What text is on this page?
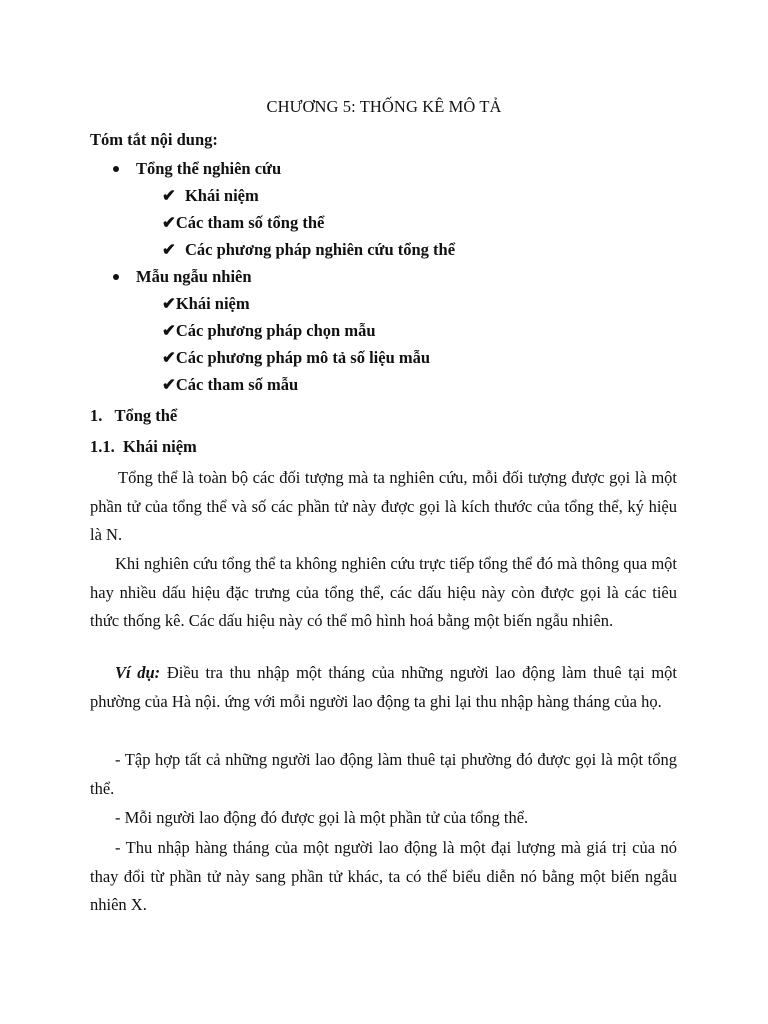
CHƯƠNG 5: THỐNG KÊ MÔ TẢ
Tóm tắt nội dung:
Tổng thể nghiên cứu
✔ Khái niệm
✔Các tham số tổng thể
✔ Các phương pháp nghiên cứu tổng thể
Mẫu ngẫu nhiên
✔Khái niệm
✔Các phương pháp chọn mẫu
✔Các phương pháp mô tả số liệu mẫu
✔Các tham số mẫu
1.   Tổng thể
1.1.  Khái niệm
Tổng thể là toàn bộ các đối tượng mà ta nghiên cứu, mỗi đối tượng được gọi là một phần tử của tổng thể và số các phần tử này được gọi là kích thước của tổng thể, ký hiệu là N.
Khi nghiên cứu tổng thể ta không nghiên cứu trực tiếp tổng thể đó mà thông qua một hay nhiều dấu hiệu đặc trưng của tổng thể, các dấu hiệu này còn được gọi là các tiêu thức thống kê. Các dấu hiệu này có thể mô hình hoá bằng một biến ngẫu nhiên.
Ví dụ: Điều tra thu nhập một tháng của những người lao động làm thuê tại một phường của Hà nội. ứng với mỗi người lao động ta ghi lại thu nhập hàng tháng của họ.
- Tập hợp tất cả những người lao động làm thuê tại phường đó được gọi là một tổng thể.
- Mỗi người lao động đó được gọi là một phần tử của tổng thể.
- Thu nhập hàng tháng của một người lao động là một đại lượng mà giá trị của nó thay đổi từ phần tử này sang phần tử khác, ta có thể biểu diễn nó bằng một biến ngẫu nhiên X.
